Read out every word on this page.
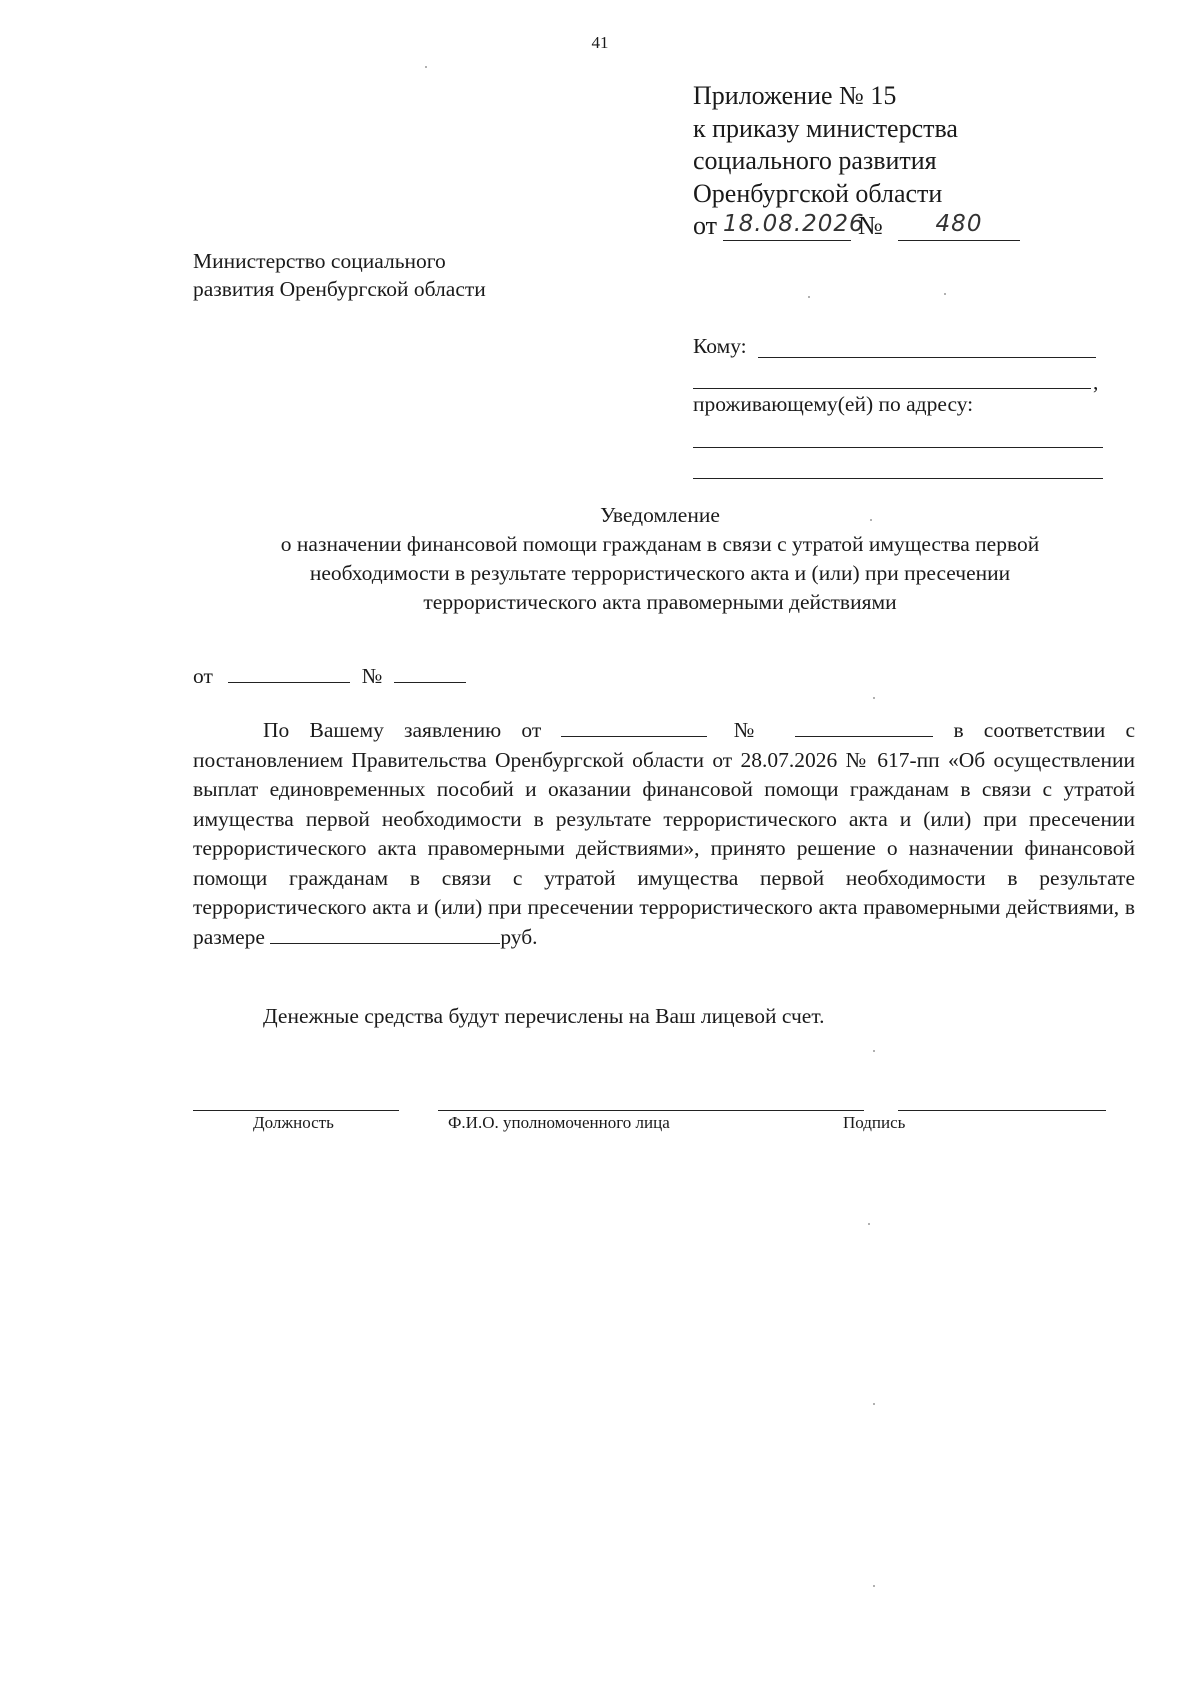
41
Приложение № 15
к приказу министерства
социального развития
Оренбургской области
от 18.08.2026
№	480
Министерство социального
развития Оренбургской области
Кому:
,
проживающему(ей) по адресу:
Уведомление
о назначении финансовой помощи гражданам в связи с утратой имущества первой
необходимости в результате террористического акта и (или) при пресечении
террористического акта правомерными действиями
от	№

По Вашему заявлению от	№	в соответствии с постановлением Правительства Оренбургской области от 28.07.2026 № 617-пп «Об осуществлении выплат единовременных пособий и оказании финансовой помощи гражданам в связи с утратой имущества первой необходимости в результате террористического акта и (или) при пресечении террористического акта правомерными действиями», принято решение о назначении финансовой помощи гражданам в связи с утратой имущества первой необходимости в результате террористического акта и (или) при пресечении террористического акта правомерными действиями, в размере	руб.

Денежные средства будут перечислены на Ваш лицевой счет.

Должность	Ф.И.О. уполномоченного лица	Подпись
